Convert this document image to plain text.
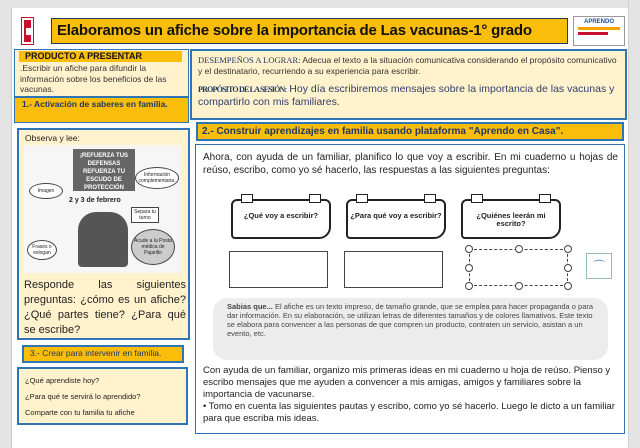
Elaboramos un afiche sobre la importancia de Las vacunas-1° grado	APRENDO
PRODUCTO A PRESENTAR
.Escribir un afiche para difundir la información sobre los beneficios de las vacunas.
1.- Activación de saberes en familia.
DESEMPEÑOS A LOGRAR: Adecua el texto a la situación comunicativa considerando el propósito comunicativo y el destinatario, recurriendo a su experiencia para escribir.
PROPÓSITO DE LA SESIÓN: Hoy día escribiremos mensajes sobre la importancia de las vacunas y compartirlo con mis familiares.
2.- Construir aprendizajes en familia usando plataforma "Aprendo en Casa".
Observa y lee:
¡REFUERZA TUS DEFENSAS REFUERZA TU ESCUDO DE PROTECCIÓN
2 y 3 de febrero
Imagen
Información complementaria.
Frases o eslogan
Separa tu turno
Acude a la Posta médica de Pajarillo
Responde las siguientes preguntas: ¿cómo es un afiche? ¿Qué partes tiene? ¿Para qué se escribe?
3.- Crear para intervenir en familia.
¿Qué aprendiste hoy?
¿Para qué te servirá lo aprendido?
Comparte con tu familia tu afiche
Ahora, con ayuda de un familiar, planifico lo que voy a escribir. En mi cuaderno u hojas de reúso, escribo, como yo sé hacerlo, las respuestas a las siguientes preguntas:
¿Qué voy a escribir?	¿Para qué voy a escribir?	¿Quiénes leerán mi escrito?
⌒
Sabias que... El afiche es un texto impreso, de tamaño grande, que se emplea para hacer propaganda o para dar información. En su elaboración, se utilizan letras de diferentes tamaños y de colores llamativos. Este texto se elabora para convencer a las personas de que compren un producto, contraten un servicio, asistan a un evento, etc.
Con ayuda de un familiar, organizo mis primeras ideas en mi cuaderno u hoja de reúso. Pienso y escribo mensajes que me ayuden a convencer a mis amigas, amigos y familiares sobre la importancia de vacunarse.
• Tomo en cuenta las siguientes pautas y escribo, como yo sé hacerlo. Luego le dicto a un familiar para que escriba mis ideas.
